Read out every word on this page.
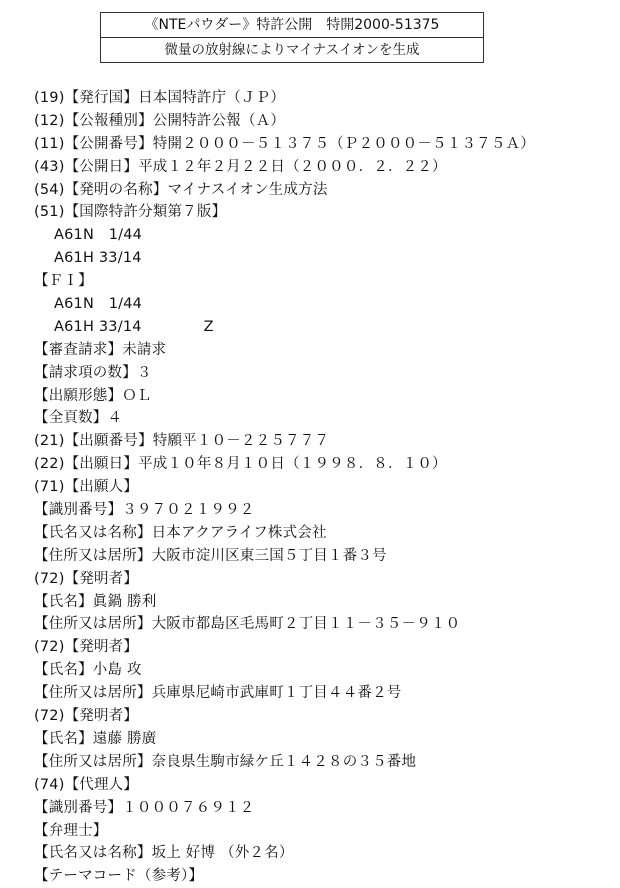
《NTEパウダー》特許公開　特開2000-51375
微量の放射線によりマイナスイオンを生成
(19)【発行国】日本国特許庁（ＪＰ）
(12)【公報種別】公開特許公報（Ａ）
(11)【公開番号】特開２０００－５１３７５（Ｐ２０００－５１３７５Ａ）
(43)【公開日】平成１２年２月２２日（２０００．２．２２）
(54)【発明の名称】マイナスイオン生成方法
(51)【国際特許分類第７版】
A61N　1/44
A61H 33/14
【ＦＩ】
A61N　1/44
A61H 33/14	Z
【審査請求】未請求
【請求項の数】３
【出願形態】ＯＬ
【全頁数】４
(21)【出願番号】特願平１０－２２５７７７
(22)【出願日】平成１０年８月１０日（１９９８．８．１０）
(71)【出願人】
【識別番号】３９７０２１９９２
【氏名又は名称】日本アクアライフ株式会社
【住所又は居所】大阪市淀川区東三国５丁目１番３号
(72)【発明者】
【氏名】眞鍋 勝利
【住所又は居所】大阪市都島区毛馬町２丁目１１－３５－９１０
(72)【発明者】
【氏名】小島 攻
【住所又は居所】兵庫県尼崎市武庫町１丁目４４番２号
(72)【発明者】
【氏名】遠藤 勝廣
【住所又は居所】奈良県生駒市緑ケ丘１４２８の３５番地
(74)【代理人】
【識別番号】１０００７６９１２
【弁理士】
【氏名又は名称】坂上 好博 （外２名）
【テーマコード（参考）】
